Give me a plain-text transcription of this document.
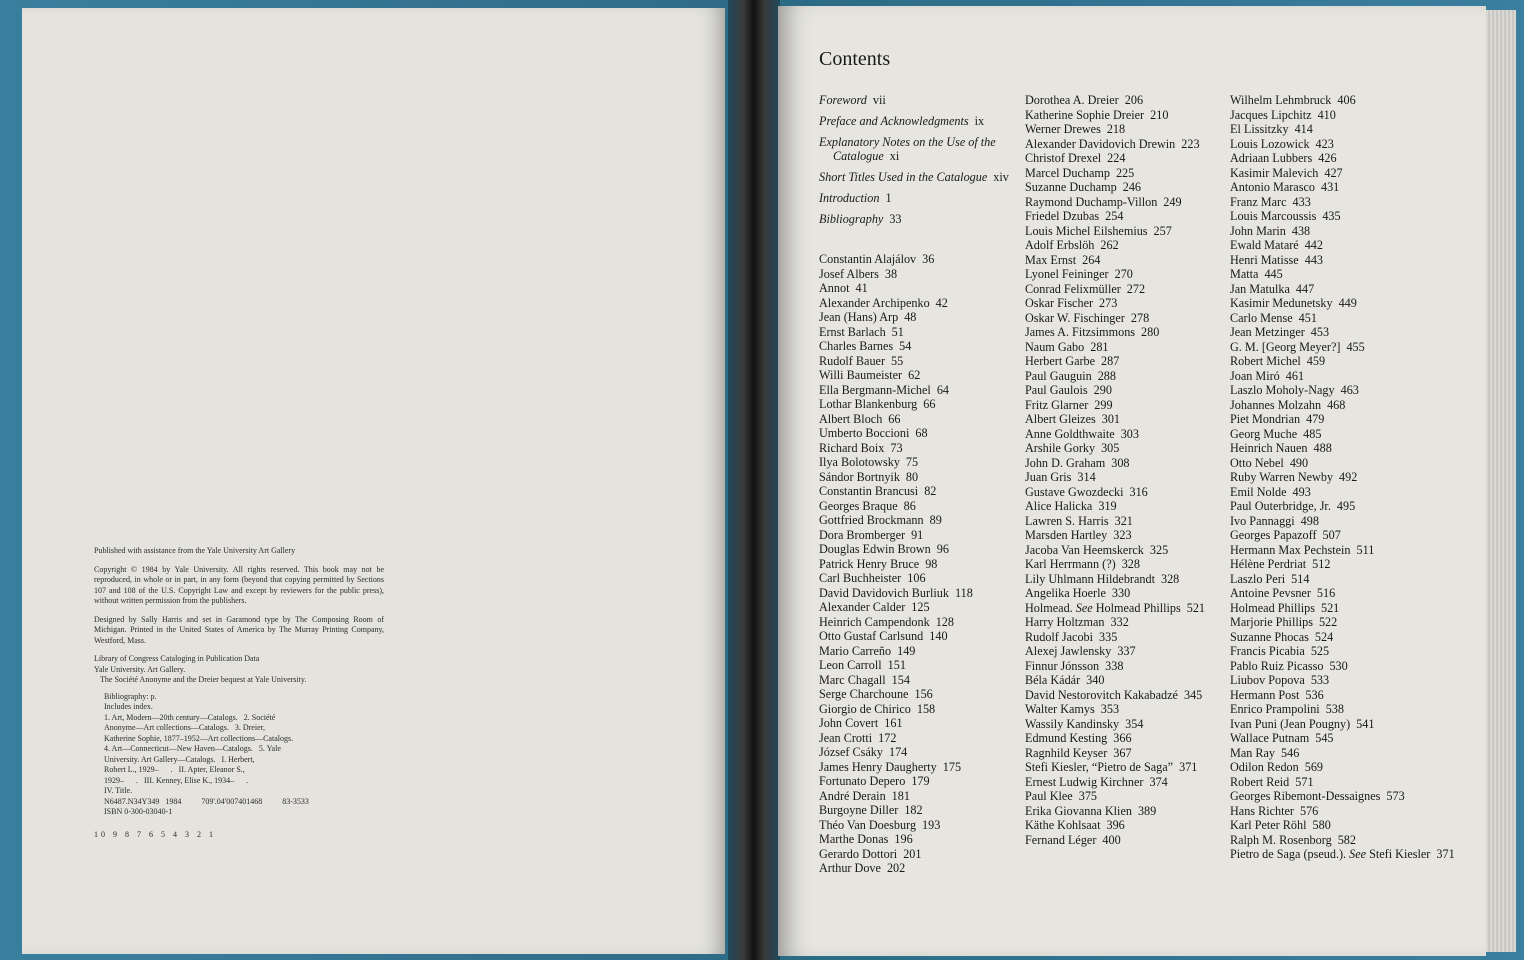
Published with assistance from the Yale University Art Gallery

Copyright © 1984 by Yale University. All rights reserved. This book may not be reproduced, in whole or in part, in any form (beyond that copying permitted by Sections 107 and 108 of the U.S. Copyright Law and except by reviewers for the public press), without written permission from the publishers.

Designed by Sally Harris and set in Garamond type by The Composing Room of Michigan. Printed in the United States of America by The Murray Printing Company, Westford, Mass.

Library of Congress Cataloging in Publication Data

Yale University. Art Gallery.
The Société Anonyme and the Dreier bequest at Yale University.
Bibliography: p.
Includes index.
1. Art, Modern—20th century—Catalogs.   2. Société
Anonyme—Art collections—Catalogs.   3. Dreier,
Katherine Sophie, 1877–1952—Art collections—Catalogs.
4. Art—Connecticut—New Haven—Catalogs.   5. Yale
University. Art Gallery—Catalogs.   I. Herbert,
Robert L., 1929–      .   II. Apter, Eleanor S.,
1929–      .   III. Kenney, Elise K., 1934–      .
IV. Title.
N6487.N34Y349   1984          709'.04'007401468          83-3533
ISBN 0-300-03040-1
10 9 8 7 6 5 4 3 2 1
Contents
Foreword vii
Preface and Acknowledgments ix
Explanatory Notes on the Use of the Catalogue xi
Short Titles Used in the Catalogue xiv
Introduction 1
Bibliography 33
Constantin Alajálov 36
Josef Albers 38
Annot 41
Alexander Archipenko 42
Jean (Hans) Arp 48
Ernst Barlach 51
Charles Barnes 54
Rudolf Bauer 55
Willi Baumeister 62
Ella Bergmann-Michel 64
Lothar Blankenburg 66
Albert Bloch 66
Umberto Boccioni 68
Richard Boix 73
Ilya Bolotowsky 75
Sándor Bortnyik 80
Constantin Brancusi 82
Georges Braque 86
Gottfried Brockmann 89
Dora Bromberger 91
Douglas Edwin Brown 96
Patrick Henry Bruce 98
Carl Buchheister 106
David Davidovich Burliuk 118
Alexander Calder 125
Heinrich Campendonk 128
Otto Gustaf Carlsund 140
Mario Carreño 149
Leon Carroll 151
Marc Chagall 154
Serge Charchoune 156
Giorgio de Chirico 158
John Covert 161
Jean Crotti 172
József Csáky 174
James Henry Daugherty 175
Fortunato Depero 179
André Derain 181
Burgoyne Diller 182
Théo Van Doesburg 193
Marthe Donas 196
Gerardo Dottori 201
Arthur Dove 202
Dorothea A. Dreier 206
Katherine Sophie Dreier 210
Werner Drewes 218
Alexander Davidovich Drewin 223
Christof Drexel 224
Marcel Duchamp 225
Suzanne Duchamp 246
Raymond Duchamp-Villon 249
Friedel Dzubas 254
Louis Michel Eilshemius 257
Adolf Erbslöh 262
Max Ernst 264
Lyonel Feininger 270
Conrad Felixmüller 272
Oskar Fischer 273
Oskar W. Fischinger 278
James A. Fitzsimmons 280
Naum Gabo 281
Herbert Garbe 287
Paul Gauguin 288
Paul Gaulois 290
Fritz Glarner 299
Albert Gleizes 301
Anne Goldthwaite 303
Arshile Gorky 305
John D. Graham 308
Juan Gris 314
Gustave Gwozdecki 316
Alice Halicka 319
Lawren S. Harris 321
Marsden Hartley 323
Jacoba Van Heemskerck 325
Karl Herrmann (?) 328
Lily Uhlmann Hildebrandt 328
Angelika Hoerle 330
Holmead. See Holmead Phillips 521
Harry Holtzman 332
Rudolf Jacobi 335
Alexej Jawlensky 337
Finnur Jónsson 338
Béla Kádár 340
David Nestorovitch Kakabadzé 345
Walter Kamys 353
Wassily Kandinsky 354
Edmund Kesting 366
Ragnhild Keyser 367
Stefi Kiesler, “Pietro de Saga” 371
Ernest Ludwig Kirchner 374
Paul Klee 375
Erika Giovanna Klien 389
Käthe Kohlsaat 396
Fernand Léger 400
Wilhelm Lehmbruck 406
Jacques Lipchitz 410
El Lissitzky 414
Louis Lozowick 423
Adriaan Lubbers 426
Kasimir Malevich 427
Antonio Marasco 431
Franz Marc 433
Louis Marcoussis 435
John Marin 438
Ewald Mataré 442
Henri Matisse 443
Matta 445
Jan Matulka 447
Kasimir Medunetsky 449
Carlo Mense 451
Jean Metzinger 453
G. M. [Georg Meyer?] 455
Robert Michel 459
Joan Miró 461
Laszlo Moholy-Nagy 463
Johannes Molzahn 468
Piet Mondrian 479
Georg Muche 485
Heinrich Nauen 488
Otto Nebel 490
Ruby Warren Newby 492
Emil Nolde 493
Paul Outerbridge, Jr. 495
Ivo Pannaggi 498
Georges Papazoff 507
Hermann Max Pechstein 511
Hélène Perdriat 512
Laszlo Peri 514
Antoine Pevsner 516
Holmead Phillips 521
Marjorie Phillips 522
Suzanne Phocas 524
Francis Picabia 525
Pablo Ruiz Picasso 530
Liubov Popova 533
Hermann Post 536
Enrico Prampolini 538
Ivan Puni (Jean Pougny) 541
Wallace Putnam 545
Man Ray 546
Odilon Redon 569
Robert Reid 571
Georges Ribemont-Dessaignes 573
Hans Richter 576
Karl Peter Röhl 580
Ralph M. Rosenborg 582
Pietro de Saga (pseud.). See Stefi Kiesler 371
